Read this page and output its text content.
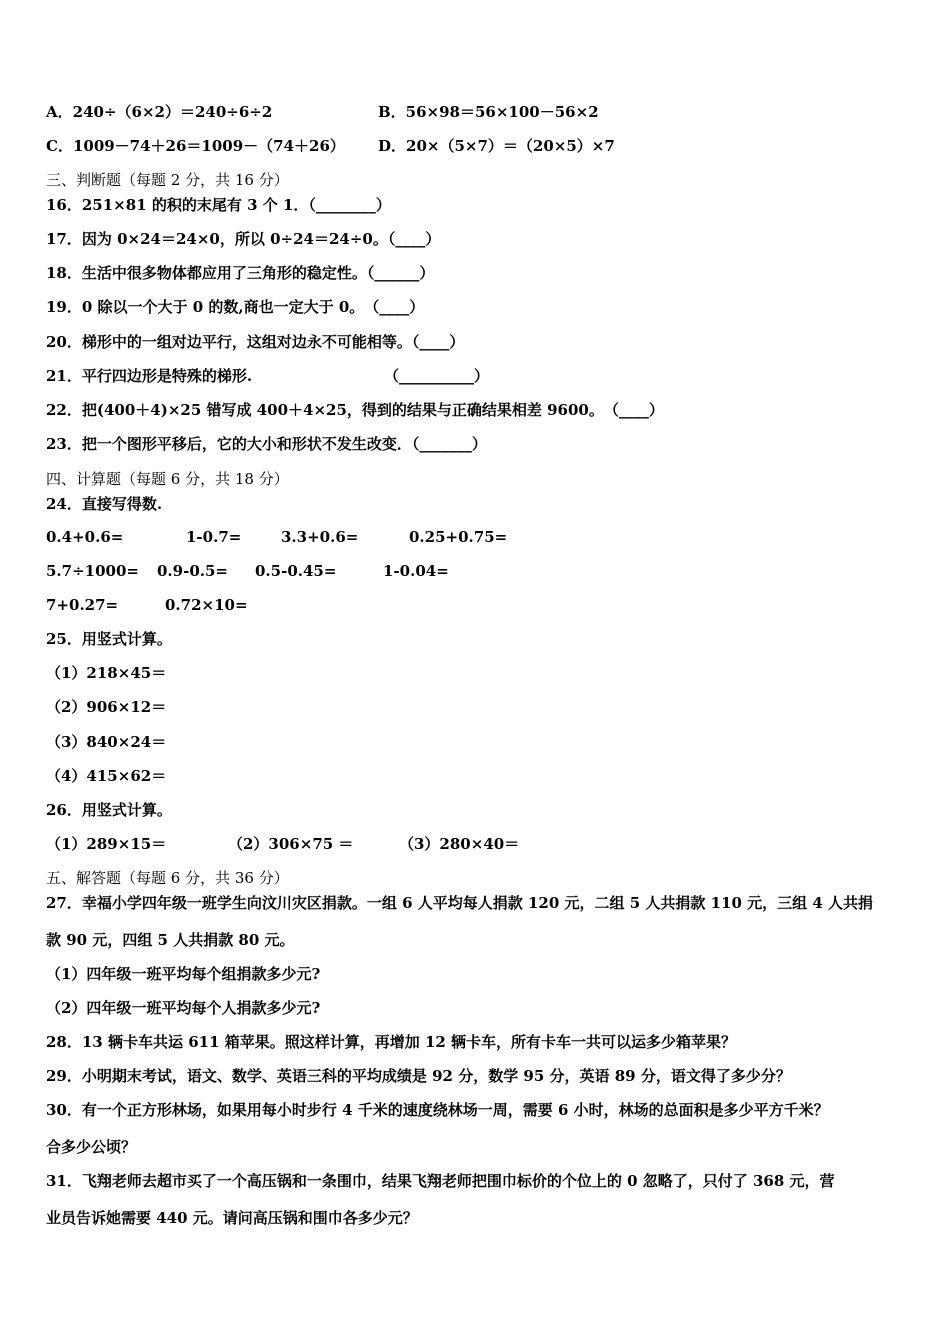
A．240÷（6×2）＝240÷6÷2	B．56×98＝56×100－56×2
C．1009－74＋26＝1009－（74＋26） D．20×（5×7）＝（20×5）×7
三、判断题（每题 2 分，共 16 分）
16．251×81 的积的末尾有 3 个 1．（________）
17．因为 0×24＝24×0，所以 0÷24＝24÷0。（____）
18．生活中很多物体都应用了三角形的稳定性。（______）
19．0 除以一个大于 0 的数,商也一定大于 0。　（____）
20．梯形中的一组对边平行，这组对边永不可能相等。（____）
21．平行四边形是特殊的梯形.	（__________）
22．把(400＋4)×25 错写成 400＋4×25，得到的结果与正确结果相差 9600。　（____）
23．把一个图形平移后，它的大小和形状不发生改变．（_______）
四、计算题（每题 6 分，共 18 分）
24．直接写得数.
0.4+0.6=	1-0.7=	3.3+0.6=	0.25+0.75=
5.7÷1000= 0.9-0.5= 0.5-0.45=	1-0.04=
7+0.27=	0.72×10=
25．用竖式计算。
（1）218×45＝
（2）906×12＝
（3）840×24＝
（4）415×62＝
26．用竖式计算。
（1）289×15＝	（2）306×75 ＝	（3）280×40＝
五、解答题（每题 6 分，共 36 分）
27．幸福小学四年级一班学生向汶川灾区捐款。一组 6 人平均每人捐款 120 元，二组 5 人共捐款 110 元，三组 4 人共捐
款 90 元，四组 5 人共捐款 80 元。
（1）四年级一班平均每个组捐款多少元?
（2）四年级一班平均每个人捐款多少元?
28．13 辆卡车共运 611 箱苹果。照这样计算，再增加 12 辆卡车，所有卡车一共可以运多少箱苹果？
29．小明期末考试，语文、数学、英语三科的平均成绩是 92 分，数学 95 分，英语 89 分，语文得了多少分？
30．有一个正方形林场，如果用每小时步行 4 千米的速度绕林场一周，需要 6 小时，林场的总面积是多少平方千米？
合多少公顷？
31．飞翔老师去超市买了一个高压锅和一条围巾，结果飞翔老师把围巾标价的个位上的 0 忽略了，只付了 368 元，营
业员告诉她需要 440 元。请问高压锅和围巾各多少元？
